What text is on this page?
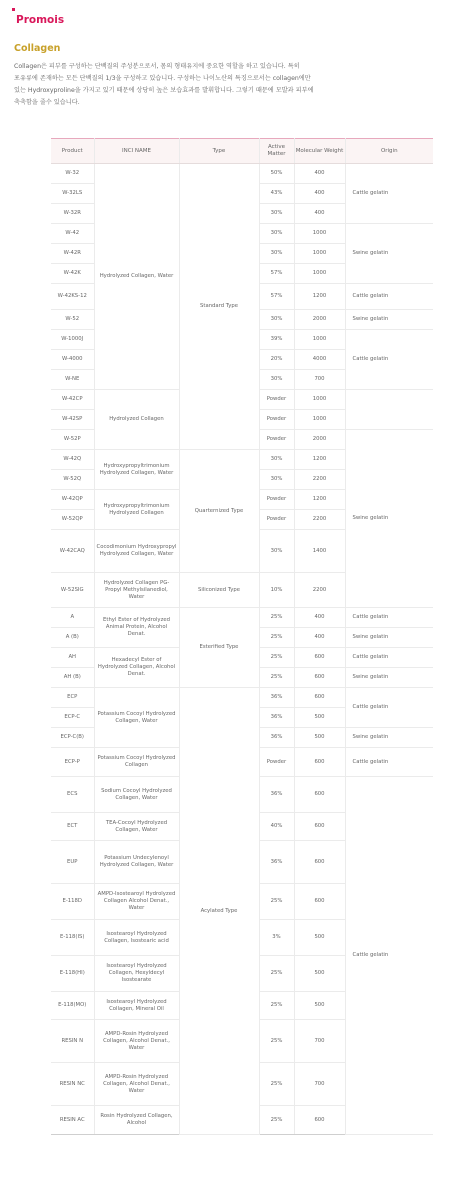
Promois
Collagen

Collagen은 피부를 구성하는 단백질의 주성분으로서, 몸의 형태유지에 중요한 역할을 하고 있습니다. 특히

포유류에 존재하는 모든 단백질의 1/3을 구성하고 있습니다. 구성하는 나이노산의 특징으로서는 collagen에만

있는 Hydroxyproline을 가지고 있기 때문에 상당히 높은 보습효과를 발휘합니다. 그렇기 때문에 모발과 피부에

축축함을 줄수 있습니다.

Product	INCI NAME	Type	Active Matter	Molecular Weight	Origin
W-32	Hydrolyzed Collagen, Water	Standard Type	50%	400	Cattle gelatin
W-32LS			43%	400	
W-32R			30%	400	
W-42			30%	1000	Swine gelatin
W-42R			30%	1000	
W-42K			57%	1000	
W-42KS-12			57%	1200	Cattle gelatin
W-52			30%	2000	Swine gelatin
W-1000J			39%	1000	Cattle gelatin
W-4000			20%	4000	
W-NE			30%	700	
W-42CP	Hydrolyzed Collagen		Powder	1000	
W-42SP			Powder	1000	
W-52P			Powder	2000	Swine gelatin
W-42Q	Hydroxypropyltrimonium Hydrolyzed Collagen, Water	Quarternized Type	30%	1200	
W-52Q			30%	2200	
W-42QP	Hydroxypropyltrimonium Hydrolyzed Collagen		Powder	1200	
W-52QP			Powder	2200	
W-42CAQ	Cocodimonium Hydroxypropyl Hydrolyzed Collagen, Water		30%	1400	
W-52SIG	Hydrolyzed Collagen PG-Propyl Methylsilanediol, Water	Siliconized Type	10%	2200	
A	Ethyl Ester of Hydrolyzed Animal Protein, Alcohol Denat.	Esterified Type	25%	400	Cattle gelatin
A (B)			25%	400	Swine gelatin
AH	Hexadecyl Ester of Hydrolyzed Collagen, Alcohol Denat.		25%	600	Cattle gelatin
AH (B)			25%	600	Swine gelatin
ECP	Potassium Cocoyl Hydrolyzed Collagen, Water	Acylated Type	36%	600	Cattle gelatin
ECP-C			36%	500	
ECP-C(B)			36%	500	Swine gelatin
ECP-P	Potassium Cocoyl Hydrolyzed Collagen		Powder	600	Cattle gelatin
ECS	Sodium Cocoyl Hydrolyzed Collagen, Water		36%	600	Cattle gelatin
ECT	TEA-Cocoyl Hydrolyzed Collagen, Water		40%	600	
EUP	Potassium Undecylenoyl Hydrolyzed Collagen, Water		36%	600	
E-118D	AMPD-Isostearoyl Hydrolyzed Collagen Alcohol Denat., Water		25%	600	
E-118(IS)	Isostearoyl Hydrolyzed Collagen, Isostearic acid		3%	500	
E-118(HI)	Isostearoyl Hydrolyzed Collagen, Hexyldecyl Isostearate		25%	500	
E-118(MO)	Isostearoyl Hydrolyzed Collagen, Mineral Oil		25%	500	
RESIN N	AMPD-Rosin Hydrolyzed Collagen, Alcohol Denat., Water		25%	700	
RESIN NC	AMPD-Rosin Hydrolyzed Collagen, Alcohol Denat., Water		25%	700	
RESIN AC	Rosin Hydrolyzed Collagen, Alcohol		25%	600	
